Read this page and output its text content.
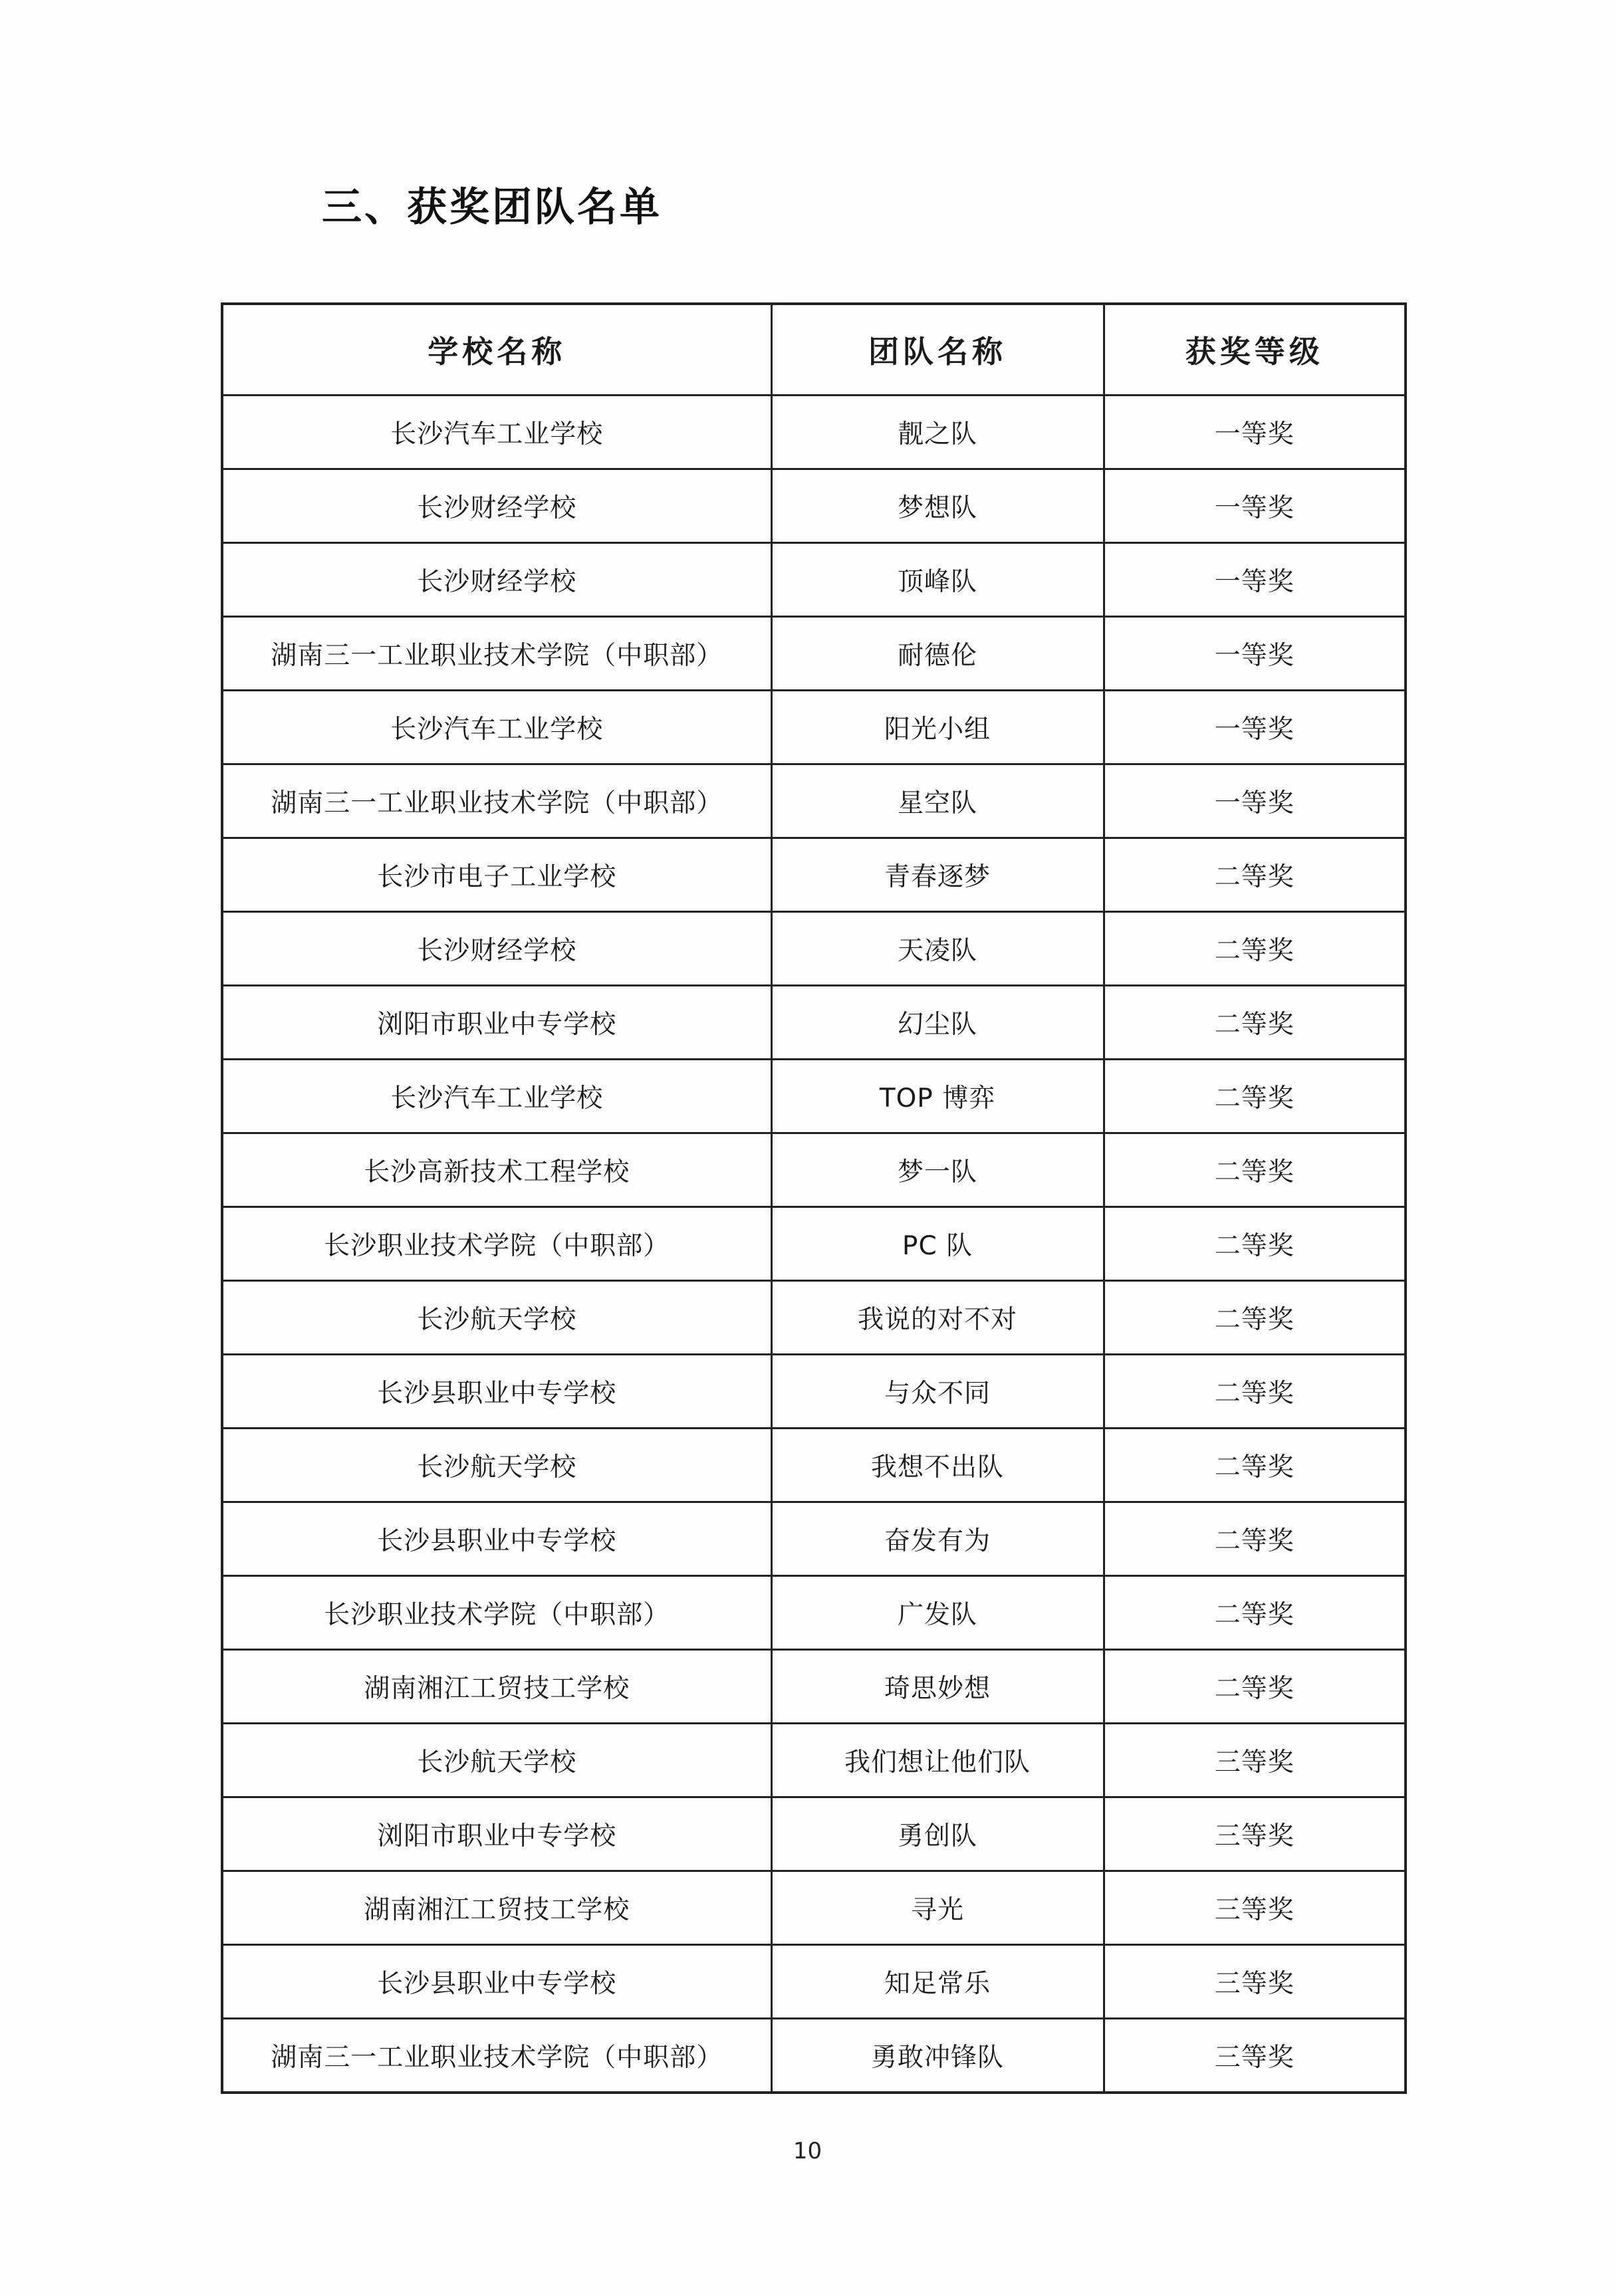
三、获奖团队名单
学校名称	团队名称	获奖等级
长沙汽车工业学校	靓之队	一等奖
长沙财经学校	梦想队	一等奖
长沙财经学校	顶峰队	一等奖
湖南三一工业职业技术学院（中职部）	耐德伦	一等奖
长沙汽车工业学校	阳光小组	一等奖
湖南三一工业职业技术学院（中职部）	星空队	一等奖
长沙市电子工业学校	青春逐梦	二等奖
长沙财经学校	天凌队	二等奖
浏阳市职业中专学校	幻尘队	二等奖
长沙汽车工业学校	TOP 博弈	二等奖
长沙高新技术工程学校	梦一队	二等奖
长沙职业技术学院（中职部）	PC 队	二等奖
长沙航天学校	我说的对不对	二等奖
长沙县职业中专学校	与众不同	二等奖
长沙航天学校	我想不出队	二等奖
长沙县职业中专学校	奋发有为	二等奖
长沙职业技术学院（中职部）	广发队	二等奖
湖南湘江工贸技工学校	琦思妙想	二等奖
长沙航天学校	我们想让他们队	三等奖
浏阳市职业中专学校	勇创队	三等奖
湖南湘江工贸技工学校	寻光	三等奖
长沙县职业中专学校	知足常乐	三等奖
湖南三一工业职业技术学院（中职部）	勇敢冲锋队	三等奖
10
